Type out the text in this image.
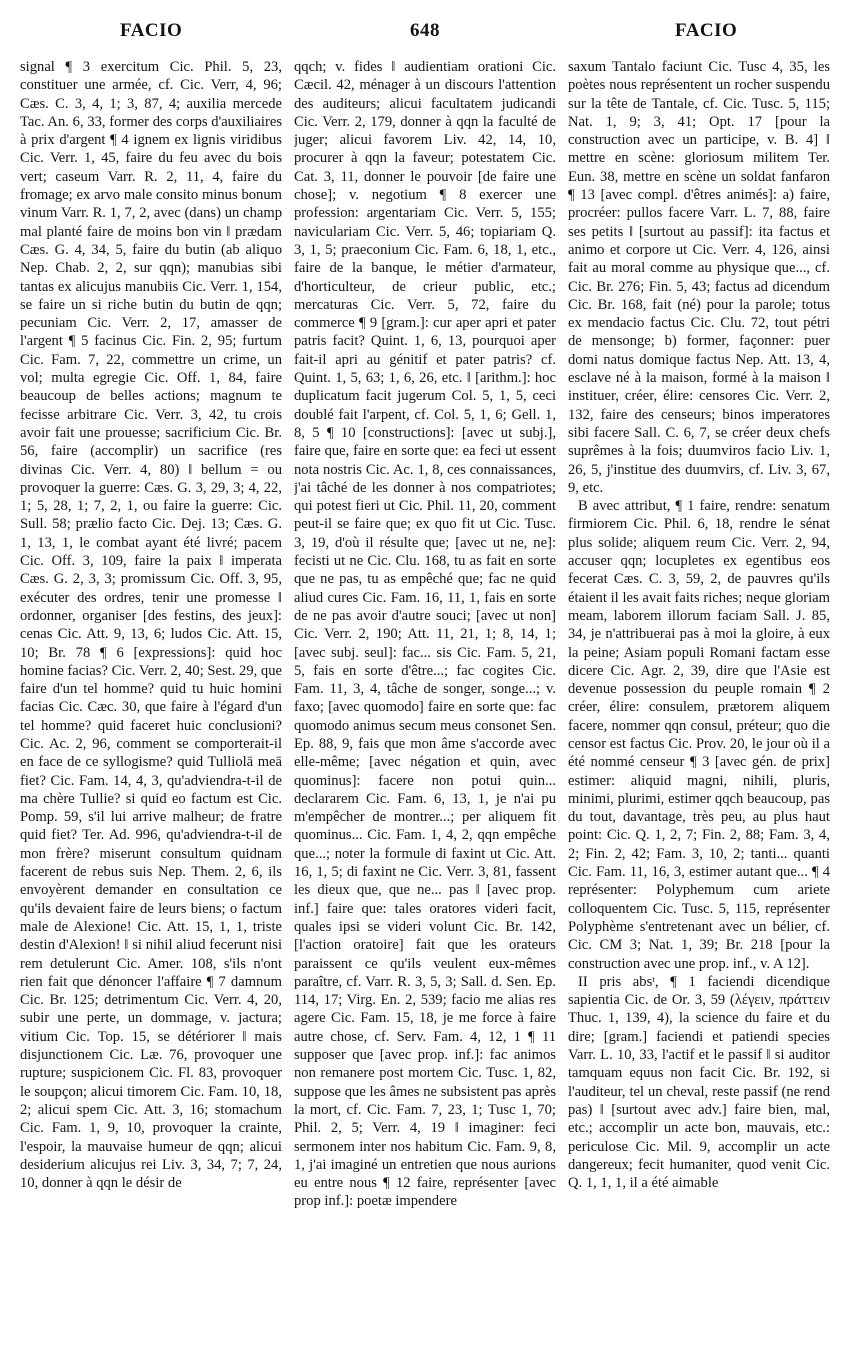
FACIO	648	FACIO

signal ¶ 3 exercitum Cic. Phil. 5, 23, constituer une armée, cf. Cic. Verr, 4, 96; Cæs. C. 3, 4, 1; 3, 87, 4; auxilia mercede Tac. An. 6, 33, former des corps d'auxiliaires à prix d'argent ¶ 4 ignem ex lignis viridibus Cic. Verr. 1, 45, faire du feu avec du bois vert; caseum Varr. R. 2, 11, 4, faire du fromage; ex arvo male consito minus bonum vinum Varr. R. 1, 7, 2, avec (dans) un champ mal planté faire de moins bon vin ‖ prædam Cæs. G. 4, 34, 5, faire du butin (ab aliquo Nep. Chab. 2, 2, sur qqn); manubias sibi tantas ex alicujus manubiis Cic. Verr. 1, 154, se faire un si riche butin du butin de qqn; pecuniam Cic. Verr. 2, 17, amasser de l'argent ¶ 5 facinus Cic. Fin. 2, 95; furtum Cic. Fam. 7, 22, commettre un crime, un vol; multa egregie Cic. Off. 1, 84, faire beaucoup de belles actions; magnum te fecisse arbitrare Cic. Verr. 3, 42, tu crois avoir fait une prouesse; sacrificium Cic. Br. 56, faire (accomplir) un sacrifice (res divinas Cic. Verr. 4, 80) ‖ bellum = ou provoquer la guerre: Cæs. G. 3, 29, 3; 4, 22, 1; 5, 28, 1; 7, 2, 1, ou faire la guerre: Cic. Sull. 58; prælio facto Cic. Dej. 13; Cæs. G. 1, 13, 1, le combat ayant été livré; pacem Cic. Off. 3, 109, faire la paix ‖ imperata Cæs. G. 2, 3, 3; promissum Cic. Off. 3, 95, exécuter des ordres, tenir une promesse ‖ ordonner, organiser [des festins, des jeux]: cenas Cic. Att. 9, 13, 6; ludos Cic. Att. 15, 10; Br. 78 ¶ 6 [expressions]: quid hoc homine facias? Cic. Verr. 2, 40; Sest. 29, que faire d'un tel homme? quid tu huic homini facias Cic. Cæc. 30, que faire à l'égard d'un tel homme? quid faceret huic conclusioni? Cic. Ac. 2, 96, comment se comporterait-il en face de ce syllogisme? quid Tulliolā meā fiet? Cic. Fam. 14, 4, 3, qu'adviendra-t-il de ma chère Tullie? si quid eo factum est Cic. Pomp. 59, s'il lui arrive malheur; de fratre quid fiet? Ter. Ad. 996, qu'adviendra-t-il de mon frère? miserunt consultum quidnam facerent de rebus suis Nep. Them. 2, 6, ils envoyèrent demander en consultation ce qu'ils devaient faire de leurs biens; o factum male de Alexione! Cic. Att. 15, 1, 1, triste destin d'Alexion! ‖ si nihil aliud fecerunt nisi rem detulerunt Cic. Amer. 108, s'ils n'ont rien fait que dénoncer l'affaire ¶ 7 damnum Cic. Br. 125; detrimentum Cic. Verr. 4, 20, subir une perte, un dommage, v. jactura; vitium Cic. Top. 15, se détériorer ‖ mais disjunctionem Cic. Læ. 76, provoquer une rupture; suspicionem Cic. Fl. 83, provoquer le soupçon; alicui timorem Cic. Fam. 10, 18, 2; alicui spem Cic. Att. 3, 16; stomachum Cic. Fam. 1, 9, 10, provoquer la crainte, l'espoir, la mauvaise humeur de qqn; alicui desiderium alicujus rei Liv. 3, 34, 7; 7, 24, 10, donner à qqn le désir de

qqch; v. fides ‖ audientiam orationi Cic. Cæcil. 42, ménager à un discours l'attention des auditeurs; alicui facultatem judicandi Cic. Verr. 2, 179, donner à qqn la faculté de juger; alicui favorem Liv. 42, 14, 10, procurer à qqn la faveur; potestatem Cic. Cat. 3, 11, donner le pouvoir [de faire une chose]; v. negotium ¶ 8 exercer une profession: argentariam Cic. Verr. 5, 155; naviculariam Cic. Verr. 5, 46; topiariam Q. 3, 1, 5; praeconium Cic. Fam. 6, 18, 1, etc., faire de la banque, le métier d'armateur, d'horticulteur, de crieur public, etc.; mercaturas Cic. Verr. 5, 72, faire du commerce ¶ 9 [gram.]: cur aper apri et pater patris facit? Quint. 1, 6, 13, pourquoi aper fait-il apri au génitif et pater patris? cf. Quint. 1, 5, 63; 1, 6, 26, etc. ‖ [arithm.]: hoc duplicatum facit jugerum Col. 5, 1, 5, ceci doublé fait l'arpent, cf. Col. 5, 1, 6; Gell. 1, 8, 5 ¶ 10 [constructions]: [avec ut subj.], faire que, faire en sorte que: ea feci ut essent nota nostris Cic. Ac. 1, 8, ces connaissances, j'ai tâché de les donner à nos compatriotes; qui potest fieri ut Cic. Phil. 11, 20, comment peut-il se faire que; ex quo fit ut Cic. Tusc. 3, 19, d'où il résulte que; [avec ut ne, ne]: fecisti ut ne Cic. Clu. 168, tu as fait en sorte que ne pas, tu as empêché que; fac ne quid aliud cures Cic. Fam. 16, 11, 1, fais en sorte de ne pas avoir d'autre souci; [avec ut non] Cic. Verr. 2, 190; Att. 11, 21, 1; 8, 14, 1; [avec subj. seul]: fac... sis Cic. Fam. 5, 21, 5, fais en sorte d'être...; fac cogites Cic. Fam. 11, 3, 4, tâche de songer, songe...; v. faxo; [avec quomodo] faire en sorte que: fac quomodo animus secum meus consonet Sen. Ep. 88, 9, fais que mon âme s'accorde avec elle-même; [avec négation et quin, avec quominus]: facere non potui quin... declararem Cic. Fam. 6, 13, 1, je n'ai pu m'empêcher de montrer...; per aliquem fit quominus... Cic. Fam. 1, 4, 2, qqn empêche que...; noter la formule di faxint ut Cic. Att. 16, 1, 5; di faxint ne Cic. Verr. 3, 81, fassent les dieux que, que ne... pas ‖ [avec prop. inf.] faire que: tales oratores videri facit, quales ipsi se videri volunt Cic. Br. 142, [l'action oratoire] fait que les orateurs paraissent ce qu'ils veulent eux-mêmes paraître, cf. Varr. R. 3, 5, 3; Sall. d. Sen. Ep. 114, 17; Virg. En. 2, 539; facio me alias res agere Cic. Fam. 15, 18, je me force à faire autre chose, cf. Serv. Fam. 4, 12, 1 ¶ 11 supposer que [avec prop. inf.]: fac animos non remanere post mortem Cic. Tusc. 1, 82, suppose que les âmes ne subsistent pas après la mort, cf. Cic. Fam. 7, 23, 1; Tusc 1, 70; Phil. 2, 5; Verr. 4, 19 ‖ imaginer: feci sermonem inter nos habitum Cic. Fam. 9, 8, 1, j'ai imaginé un entretien que nous aurions eu entre nous ¶ 12 faire, représenter [avec prop inf.]: poetæ impendere

saxum Tantalo faciunt Cic. Tusc 4, 35, les poètes nous représentent un rocher suspendu sur la tête de Tantale, cf. Cic. Tusc. 5, 115; Nat. 1, 9; 3, 41; Opt. 17 [pour la construction avec un participe, v. B. 4] ‖ mettre en scène: gloriosum militem Ter. Eun. 38, mettre en scène un soldat fanfaron ¶ 13 [avec compl. d'êtres animés]: a) faire, procréer: pullos facere Varr. L. 7, 88, faire ses petits ‖ [surtout au passif]: ita factus et animo et corpore ut Cic. Verr. 4, 126, ainsi fait au moral comme au physique que..., cf. Cic. Br. 276; Fin. 5, 43; factus ad dicendum Cic. Br. 168, fait (né) pour la parole; totus ex mendacio factus Cic. Clu. 72, tout pétri de mensonge; b) former, façonner: puer domi natus domique factus Nep. Att. 13, 4, esclave né à la maison, formé à la maison ‖ instituer, créer, élire: censores Cic. Verr. 2, 132, faire des censeurs; binos imperatores sibi facere Sall. C. 6, 7, se créer deux chefs suprêmes à la fois; duumviros facio Liv. 1, 26, 5, j'institue des duumvirs, cf. Liv. 3, 67, 9, etc.

B avec attribut, ¶ 1 faire, rendre: senatum firmiorem Cic. Phil. 6, 18, rendre le sénat plus solide; aliquem reum Cic. Verr. 2, 94, accuser qqn; locupletes ex egentibus eos fecerat Cæs. C. 3, 59, 2, de pauvres qu'ils étaient il les avait faits riches; neque gloriam meam, laborem illorum faciam Sall. J. 85, 34, je n'attribuerai pas à moi la gloire, à eux la peine; Asiam populi Romani factam esse dicere Cic. Agr. 2, 39, dire que l'Asie est devenue possession du peuple romain ¶ 2 créer, élire: consulem, prætorem aliquem facere, nommer qqn consul, préteur; quo die censor est factus Cic. Prov. 20, le jour où il a été nommé censeur ¶ 3 [avec gén. de prix] estimer: aliquid magni, nihili, pluris, minimi, plurimi, estimer qqch beaucoup, pas du tout, davantage, très peu, au plus haut point: Cic. Q. 1, 2, 7; Fin. 2, 88; Fam. 3, 4, 2; Fin. 2, 42; Fam. 3, 10, 2; tanti... quanti Cic. Fam. 11, 16, 3, estimer autant que... ¶ 4 représenter: Polyphemum cum ariete colloquentem Cic. Tusc. 5, 115, représenter Polyphème s'entretenant avec un bélier, cf. Cic. CM 3; Nat. 1, 39; Br. 218 [pour la construction avec une prop. inf., v. A 12].

II pris absᵗ, ¶ 1 faciendi dicendique sapientia Cic. de Or. 3, 59 (λέγειν, πράττειν Thuc. 1, 139, 4), la science du faire et du dire; [gram.] faciendi et patiendi species Varr. L. 10, 33, l'actif et le passif ‖ si auditor tamquam equus non facit Cic. Br. 192, si l'auditeur, tel un cheval, reste passif (ne rend pas) ‖ [surtout avec adv.] faire bien, mal, etc.; accomplir un acte bon, mauvais, etc.: periculose Cic. Mil. 9, accomplir un acte dangereux; fecit humaniter, quod venit Cic. Q. 1, 1, 1, il a été aimable
